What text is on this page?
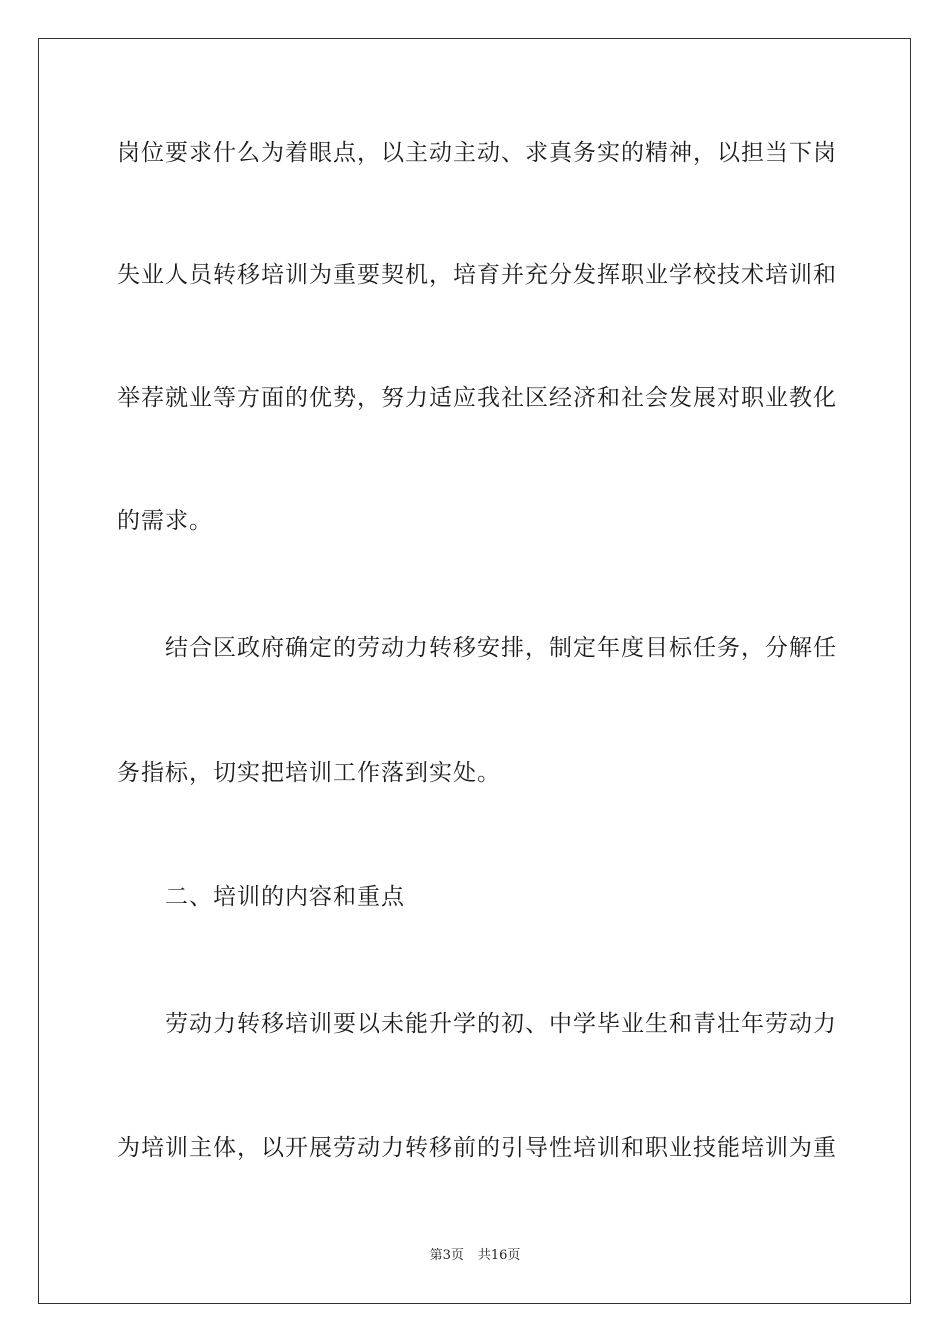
岗位要求什么为着眼点，以主动主动、求真务实的精神，以担当下岗
失业人员转移培训为重要契机，培育并充分发挥职业学校技术培训和
举荐就业等方面的优势，努力适应我社区经济和社会发展对职业教化
的需求。
结合区政府确定的劳动力转移安排，制定年度目标任务，分解任
务指标，切实把培训工作落到实处。
二、培训的内容和重点
劳动力转移培训要以未能升学的初、中学毕业生和青壮年劳动力
为培训主体，以开展劳动力转移前的引导性培训和职业技能培训为重
第3页 共16页
